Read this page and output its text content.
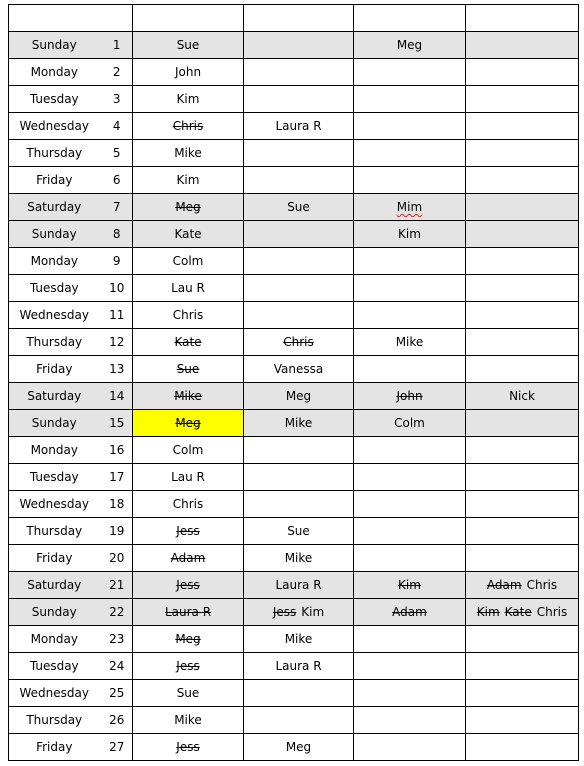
Sunday	1	Sue		Meg	
Monday	2	John			
Tuesday	3	Kim			
Wednesday	4	Chris	Laura R		
Thursday	5	Mike			
Friday	6	Kim			
Saturday	7	Meg	Sue	Mim	
Sunday	8	Kate		Kim	
Monday	9	Colm			
Tuesday	10	Lau R			
Wednesday	11	Chris			
Thursday	12	Kate	Chris	Mike	
Friday	13	Sue	Vanessa		
Saturday	14	Mike	Meg	John	Nick
Sunday	15	Meg	Mike	Colm	
Monday	16	Colm			
Tuesday	17	Lau R			
Wednesday	18	Chris			
Thursday	19	Jess	Sue		
Friday	20	Adam	Mike		
Saturday	21	Jess	Laura R	Kim	Adam Chris
Sunday	22	Laura R	Jess Kim	Adam	Kim Kate Chris
Monday	23	Meg	Mike		
Tuesday	24	Jess	Laura R		
Wednesday	25	Sue			
Thursday	26	Mike			
Friday	27	Jess	Meg		
